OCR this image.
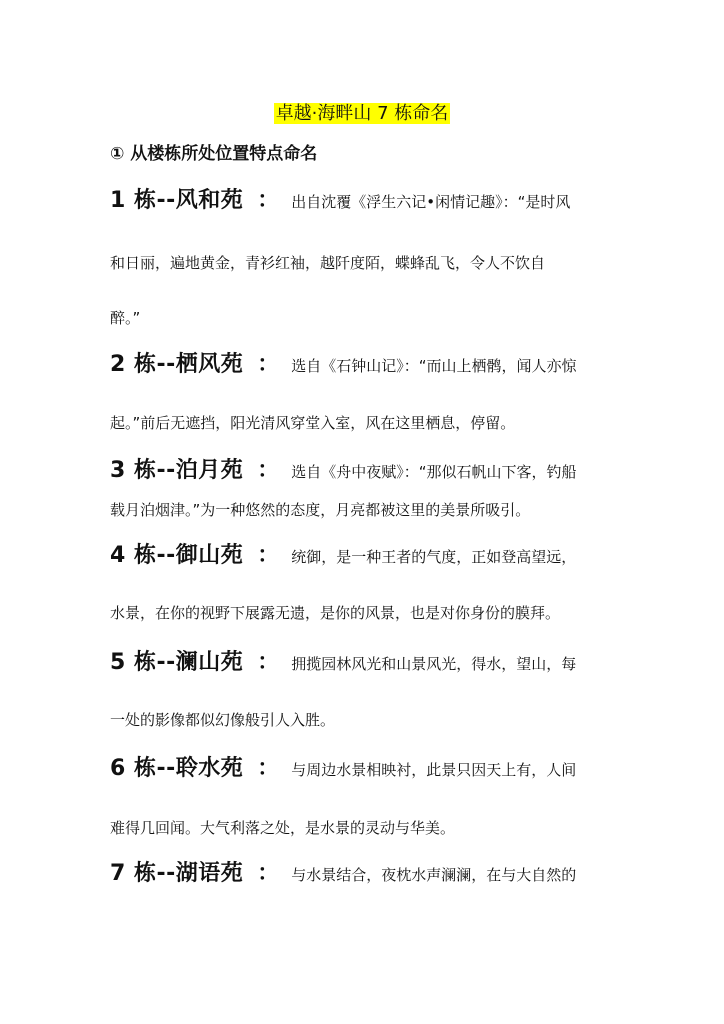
卓越·海畔山 7 栋命名
① 从楼栋所处位置特点命名
1 栋--风和苑 ： 出自沈覆《浮生六记•闲情记趣》：“是时风
和日丽，遍地黄金，青衫红袖，越阡度陌，蝶蜂乱飞，令人不饮自
醉。”
2 栋--栖风苑 ： 选自《石钟山记》：“而山上栖鹘，闻人亦惊
起。”前后无遮挡，阳光清风穿堂入室，风在这里栖息，停留。
3 栋--泊月苑 ： 选自《舟中夜赋》：“那似石帆山下客，钓船
载月泊烟津。”为一种悠然的态度，月亮都被这里的美景所吸引。
4 栋--御山苑 ： 统御，是一种王者的气度，正如登高望远，
水景，在你的视野下展露无遗，是你的风景，也是对你身份的膜拜。
5 栋--澜山苑 ： 拥揽园林风光和山景风光，得水，望山，每
一处的影像都似幻像般引人入胜。
6 栋--聆水苑 ： 与周边水景相映衬，此景只因天上有，人间
难得几回闻。大气利落之处，是水景的灵动与华美。
7 栋--湖语苑 ： 与水景结合，夜枕水声澜澜，在与大自然的
